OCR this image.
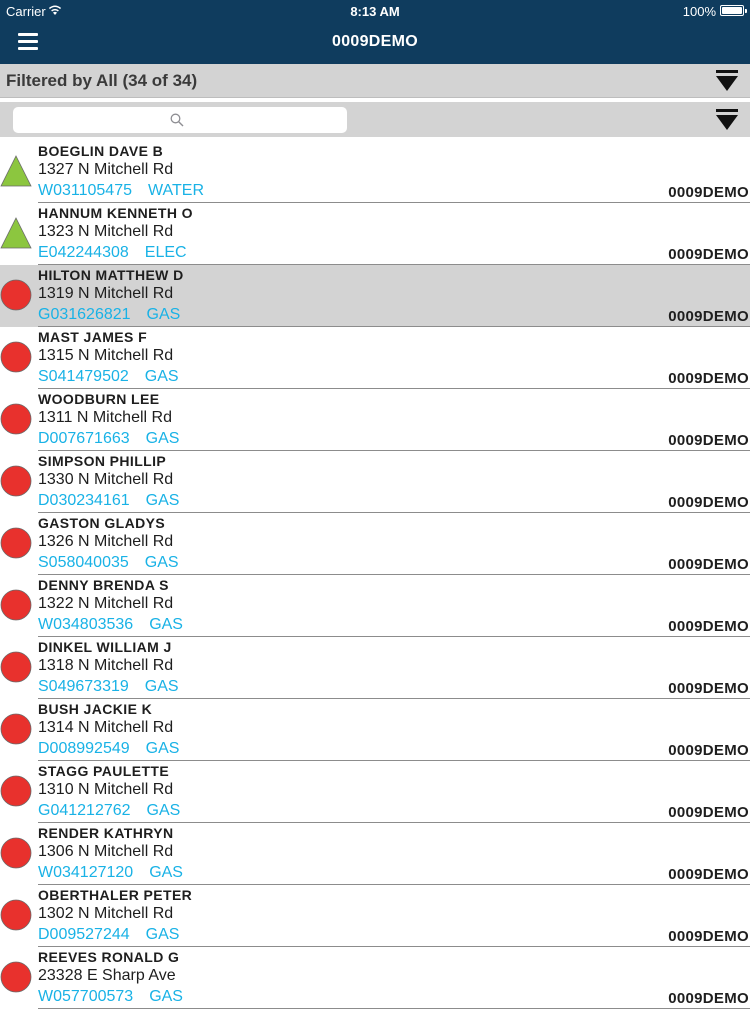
Carrier	8:13 AM	100%
0009DEMO
Filtered by All (34 of 34)
BOEGLIN DAVE B
1327 N Mitchell Rd
W031105475 WATER	0009DEMO
HANNUM KENNETH O
1323 N Mitchell Rd
E042244308 ELEC	0009DEMO
HILTON MATTHEW D
1319 N Mitchell Rd
G031626821 GAS	0009DEMO
MAST JAMES F
1315 N Mitchell Rd
S041479502 GAS	0009DEMO
WOODBURN LEE
1311 N Mitchell Rd
D007671663 GAS	0009DEMO
SIMPSON PHILLIP
1330 N Mitchell Rd
D030234161 GAS	0009DEMO
GASTON GLADYS
1326 N Mitchell Rd
S058040035 GAS	0009DEMO
DENNY BRENDA S
1322 N Mitchell Rd
W034803536 GAS	0009DEMO
DINKEL WILLIAM J
1318 N Mitchell Rd
S049673319 GAS	0009DEMO
BUSH JACKIE K
1314 N Mitchell Rd
D008992549 GAS	0009DEMO
STAGG PAULETTE
1310 N Mitchell Rd
G041212762 GAS	0009DEMO
RENDER KATHRYN
1306 N Mitchell Rd
W034127120 GAS	0009DEMO
OBERTHALER PETER
1302 N Mitchell Rd
D009527244 GAS	0009DEMO
REEVES RONALD G
23328 E Sharp Ave
W057700573 GAS	0009DEMO
